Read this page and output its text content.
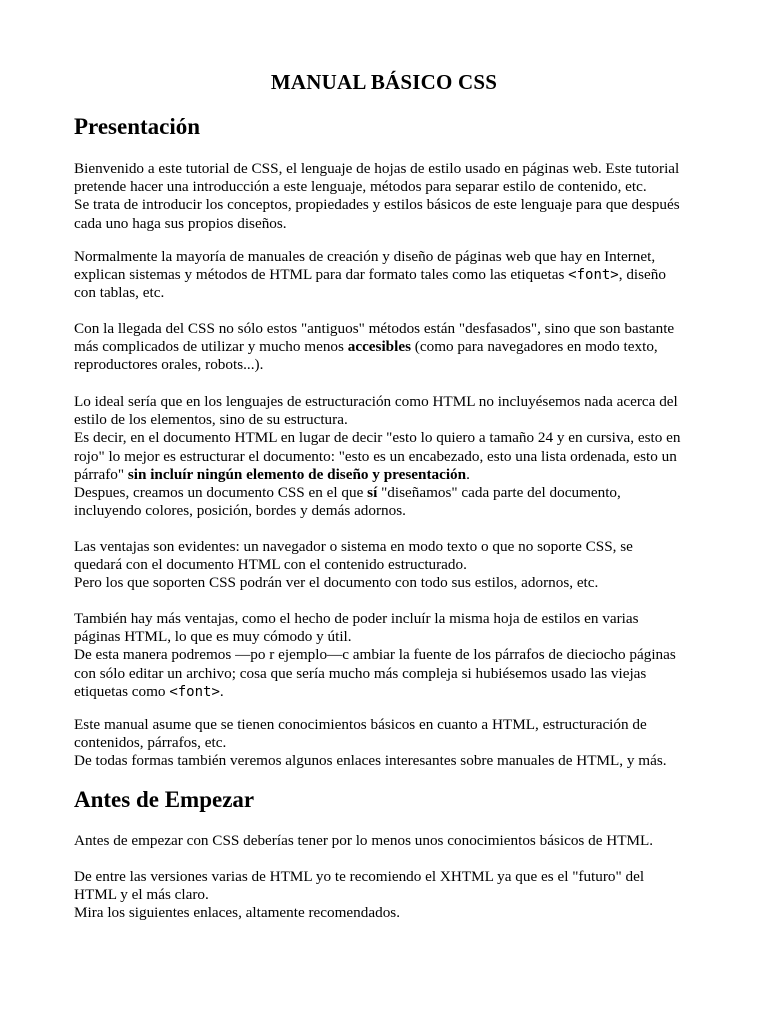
MANUAL BÁSICO CSS
Presentación

Bienvenido a este tutorial de CSS, el lenguaje de hojas de estilo usado en páginas web. Este tutorial
pretende hacer una introducción a este lenguaje, métodos para separar estilo de contenido, etc.
Se trata de introducir los conceptos, propiedades y estilos básicos de este lenguaje para que después
cada uno haga sus propios diseños.

Normalmente la mayoría de manuales de creación y diseño de páginas web que hay en Internet,
explican sistemas y métodos de HTML para dar formato tales como las etiquetas <font>, diseño
con tablas, etc.

Con la llegada del CSS no sólo estos "antiguos" métodos están "desfasados", sino que son bastante
más complicados de utilizar y mucho menos accesibles (como para navegadores en modo texto,
reproductores orales, robots...).

Lo ideal sería que en los lenguajes de estructuración como HTML no incluyésemos nada acerca del
estilo de los elementos, sino de su estructura.
Es decir, en el documento HTML en lugar de decir "esto lo quiero a tamaño 24 y en cursiva, esto en
rojo" lo mejor es estructurar el documento: "esto es un encabezado, esto una lista ordenada, esto un
párrafo" sin incluír ningún elemento de diseño y presentación.
Despues, creamos un documento CSS en el que sí "diseñamos" cada parte del documento,
incluyendo colores, posición, bordes y demás adornos.

Las ventajas son evidentes: un navegador o sistema en modo texto o que no soporte CSS, se
quedará con el documento HTML con el contenido estructurado.
Pero los que soporten CSS podrán ver el documento con todo sus estilos, adornos, etc.

También hay más ventajas, como el hecho de poder incluír la misma hoja de estilos en varias
páginas HTML, lo que es muy cómodo y útil.
De esta manera podremos —po r ejemplo—c ambiar la fuente de los párrafos de dieciocho páginas
con sólo editar un archivo; cosa que sería mucho más compleja si hubiésemos usado las viejas
etiquetas como <font>.

Este manual asume que se tienen conocimientos básicos en cuanto a HTML, estructuración de
contenidos, párrafos, etc.
De todas formas también veremos algunos enlaces interesantes sobre manuales de HTML, y más.

Antes de Empezar

Antes de empezar con CSS deberías tener por lo menos unos conocimientos básicos de HTML.

De entre las versiones varias de HTML yo te recomiendo el XHTML ya que es el "futuro" del
HTML y el más claro.
Mira los siguientes enlaces, altamente recomendados.
